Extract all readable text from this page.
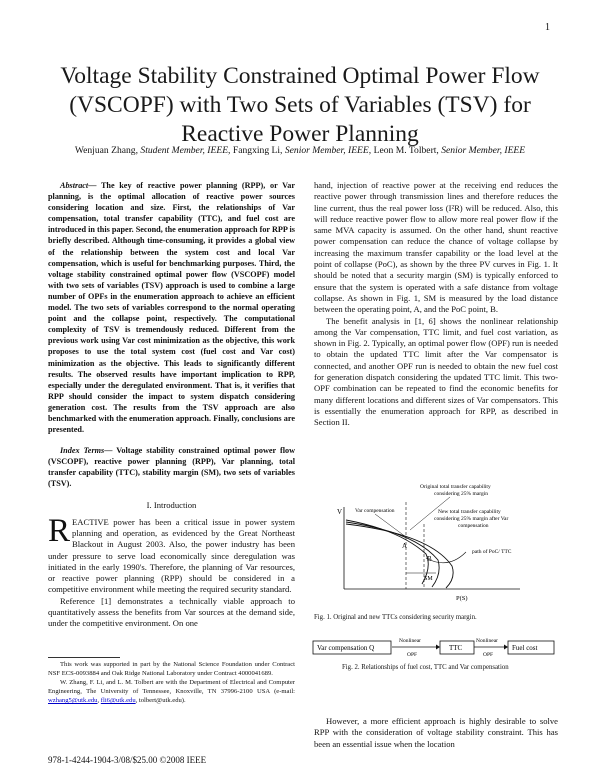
1
Voltage Stability Constrained Optimal Power Flow (VSCOPF) with Two Sets of Variables (TSV) for Reactive Power Planning
Wenjuan Zhang, Student Member, IEEE, Fangxing Li, Senior Member, IEEE, Leon M. Tolbert, Senior Member, IEEE

Abstract— The key of reactive power planning (RPP), or Var planning, is the optimal allocation of reactive power sources considering location and size. First, the relationships of Var compensation, total transfer capability (TTC), and fuel cost are introduced in this paper. Second, the enumeration approach for RPP is briefly described. Although time-consuming, it provides a global view of the relationship between the system cost and local Var compensation, which is useful for benchmarking purposes. Third, the voltage stability constrained optimal power flow (VSCOPF) model with two sets of variables (TSV) approach is used to combine a large number of OPFs in the enumeration approach to achieve an efficient model. The two sets of variables correspond to the normal operating point and the collapse point, respectively. The computational complexity of TSV is tremendously reduced. Different from the previous work using Var cost minimization as the objective, this work proposes to use the total system cost (fuel cost and Var cost) minimization as the objective. This leads to significantly different results. The observed results have important implication to RPP, especially under the deregulated environment. That is, it verifies that RPP should consider the impact to system dispatch considering generation cost. The results from the TSV approach are also benchmarked with the enumeration approach. Finally, conclusions are presented.

Index Terms— Voltage stability constrained optimal power flow (VSCOPF), reactive power planning (RPP), Var planning, total transfer capability (TTC), stability margin (SM), two sets of variables (TSV).

I. Introduction

REACTIVE power has been a critical issue in power system planning and operation, as evidenced by the Great Northeast Blackout in August 2003. Also, the power industry has been under pressure to serve load economically since deregulation was initiated in the early 1990's. Therefore, the planning of Var resources, or reactive power planning (RPP) should be considered in a competitive environment while meeting the required security standard.

Reference [1] demonstrates a technically viable approach to quantitatively assess the benefits from Var sources at the demand side, under the competitive environment. On one

This work was supported in part by the National Science Foundation under Contract NSF ECS-0093884 and Oak Ridge National Laboratory under Contract 4000041689.

W. Zhang, F. Li, and L. M. Tolbert are with the Department of Electrical and Computer Engineering, The University of Tennessee, Knoxville, TN 37996-2100 USA (e-mail: wzhang5@utk.edu, fli6@utk.edu, tolbert@utk.edu).

hand, injection of reactive power at the receiving end reduces the reactive power through transmission lines and therefore reduces the line current, thus the real power loss (I²R) will be reduced. Also, this will reduce reactive power flow to allow more real power flow if the same MVA capacity is assumed. On the other hand, shunt reactive power compensation can reduce the chance of voltage collapse by increasing the maximum transfer capability or the load level at the point of collapse (PoC), as shown by the three PV curves in Fig. 1. It should be noted that a security margin (SM) is typically enforced to ensure that the system is operated with a safe distance from voltage collapse. As shown in Fig. 1, SM is measured by the load distance between the operating point, A, and the PoC point, B.

The benefit analysis in [1, 6] shows the nonlinear relationship among the Var compensation, TTC limit, and fuel cost variation, as shown in Fig. 2. Typically, an optimal power flow (OPF) run is needed to obtain the updated TTC limit after the Var compensator is connected, and another OPF run is needed to obtain the new fuel cost for generation dispatch considering the updated TTC limit. This two-OPF combination can be repeated to find the economic benefits for many different locations and different sizes of Var compensators. This is essentially the enumeration approach for RPP, as described in Section II.

Original total transfer capability
considering 25% margin
Var compensation	New total transfer capability
considering 25% margin after Var
compensation
path of PoC/ TTC
V
P(S)
A
B
SM
Fig. 1. Original and new TTCs considering security margin.
Var compensation Q
Nonlinear
OPF
TTC
Nonlinear
OPF
Fuel cost
Fig. 2. Relationships of fuel cost, TTC and Var compensation

However, a more efficient approach is highly desirable to solve RPP with the consideration of voltage stability constraint. This has been an essential issue when the location

978-1-4244-1904-3/08/$25.00 ©2008 IEEE
